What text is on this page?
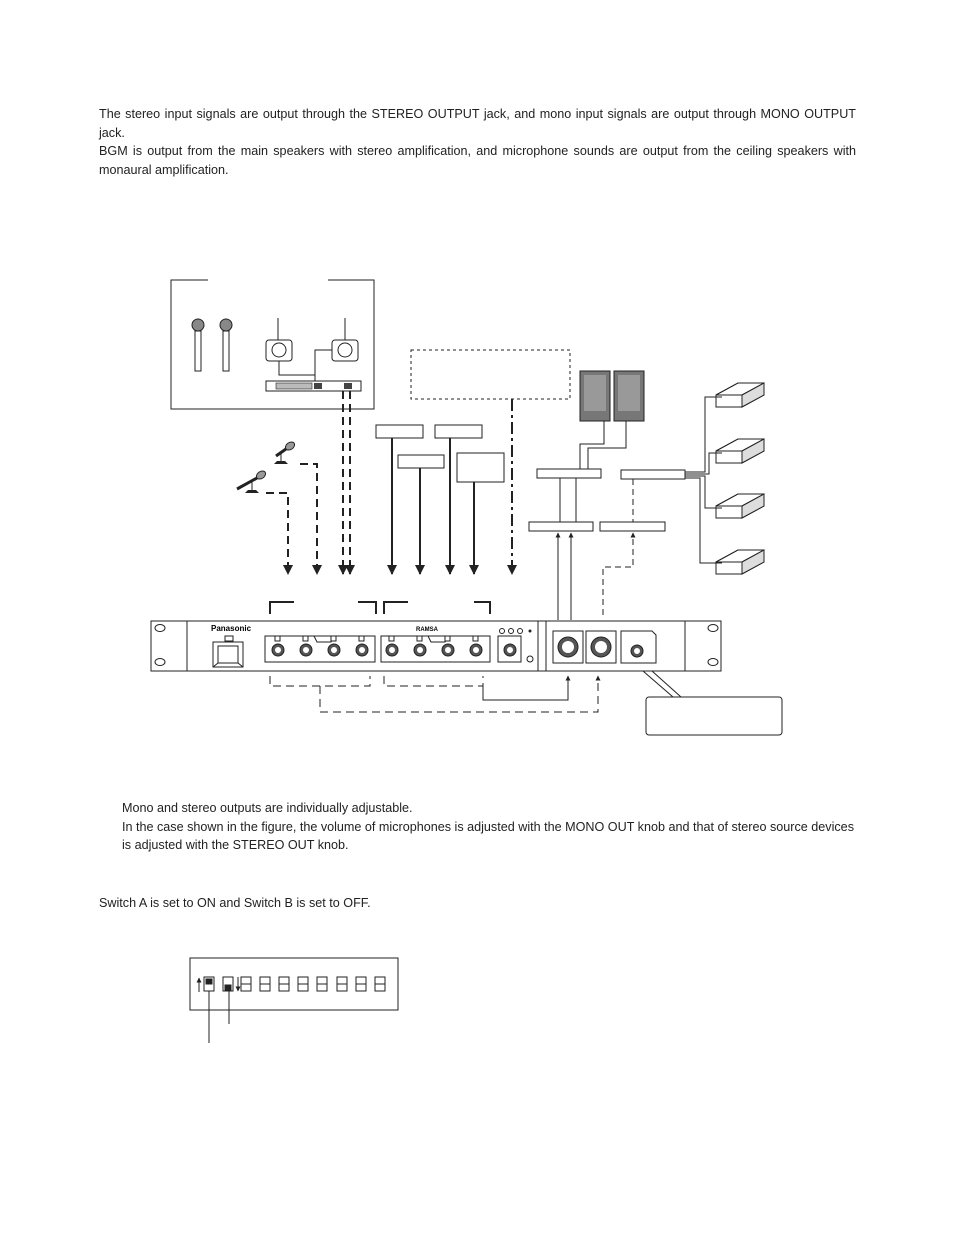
The stereo input signals are output through the STEREO OUTPUT jack, and mono input signals are output through MONO OUTPUT jack.
BGM is output from the main speakers with stereo amplification, and microphone sounds are output from the ceiling speakers with monaural amplification.
Panasonic	RAMSA
Mono and stereo outputs are individually adjustable.
In the case shown in the figure, the volume of microphones is adjusted with the MONO OUT knob and that of stereo source devices is adjusted with the STEREO OUT knob.
Switch A is set to ON and Switch B is set to OFF.
